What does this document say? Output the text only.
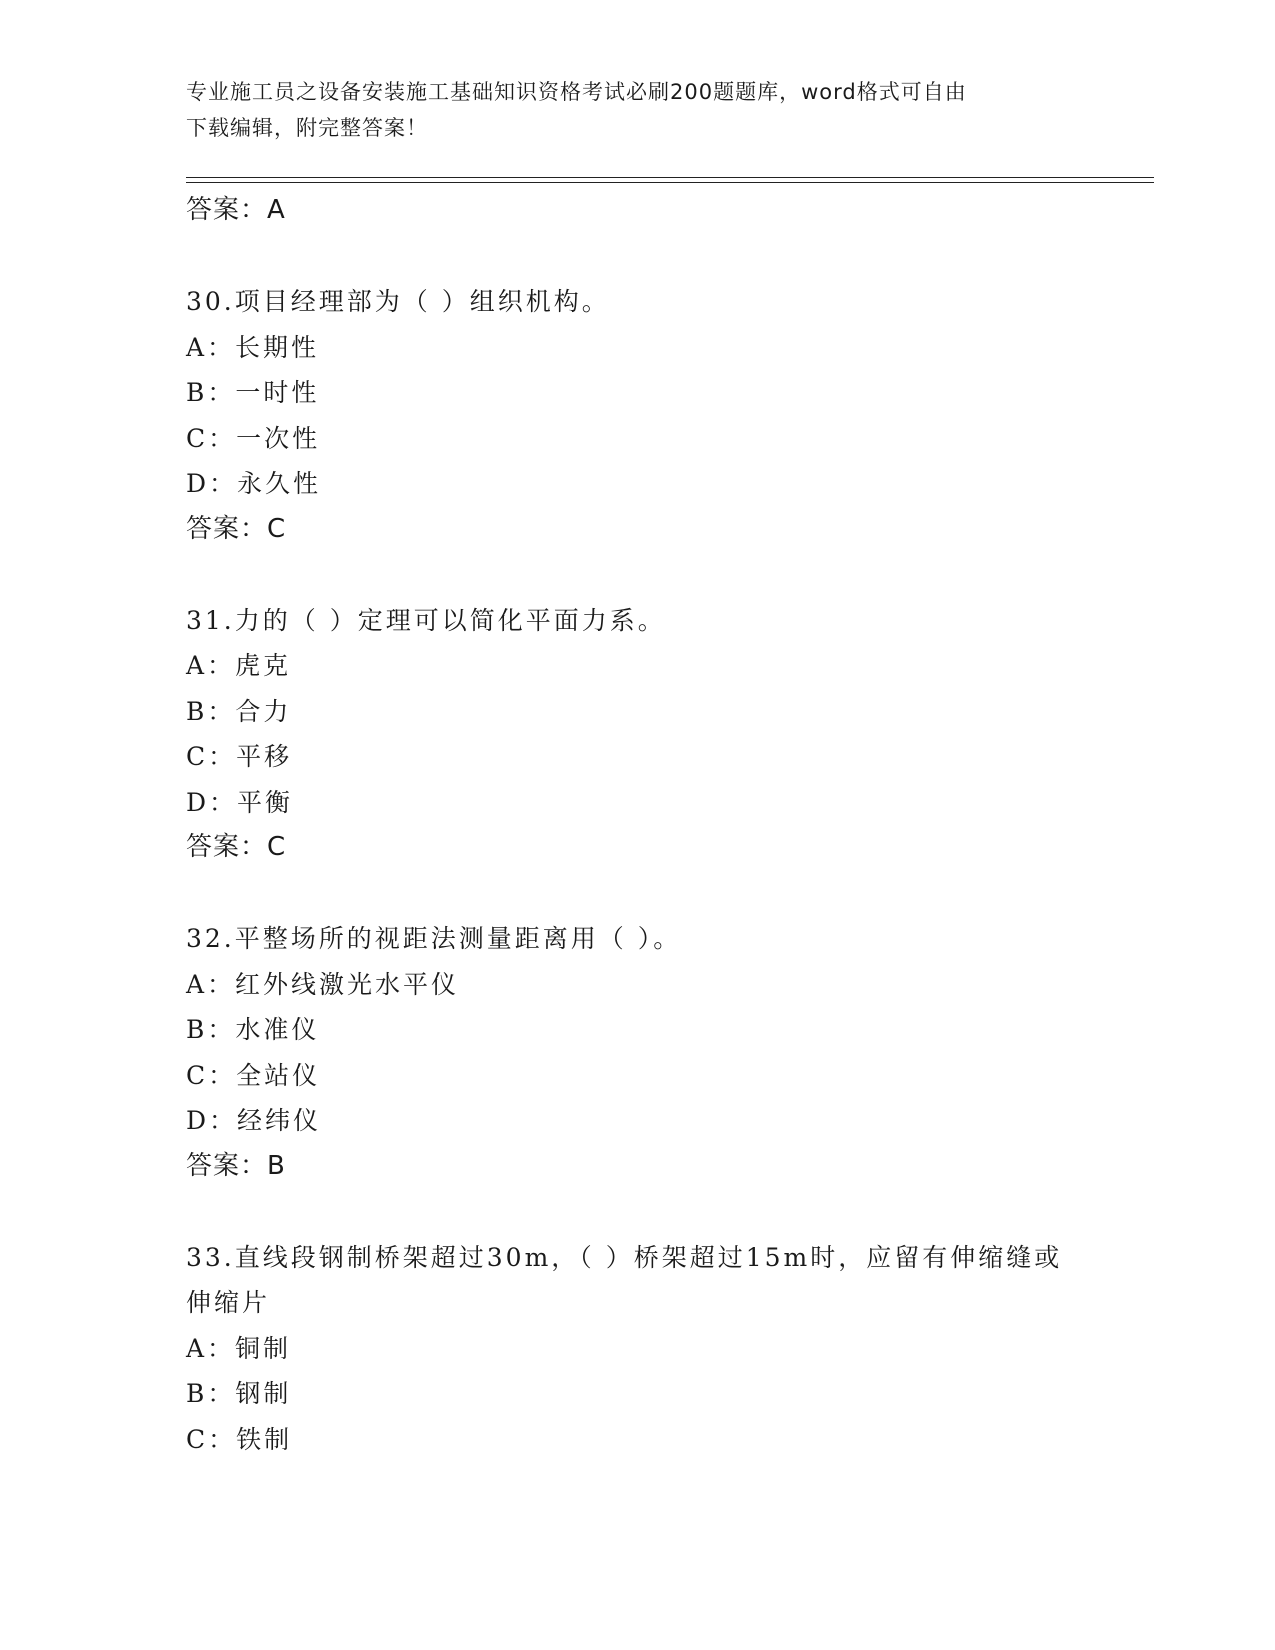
专业施工员之设备安装施工基础知识资格考试必刷200题题库，word格式可自由
下载编辑，附完整答案！
答案：A
30.项目经理部为（ ）组织机构。
A：长期性
B：一时性
C：一次性
D：永久性
答案：C
31.力的（ ）定理可以简化平面力系。
A：虎克
B：合力
C：平移
D：平衡
答案：C
32.平整场所的视距法测量距离用（ ）。
A：红外线激光水平仪
B：水准仪
C：全站仪
D：经纬仪
答案：B
33.直线段钢制桥架超过30m，（ ）桥架超过15m时，应留有伸缩缝或
伸缩片
A：铜制
B：钢制
C：铁制
